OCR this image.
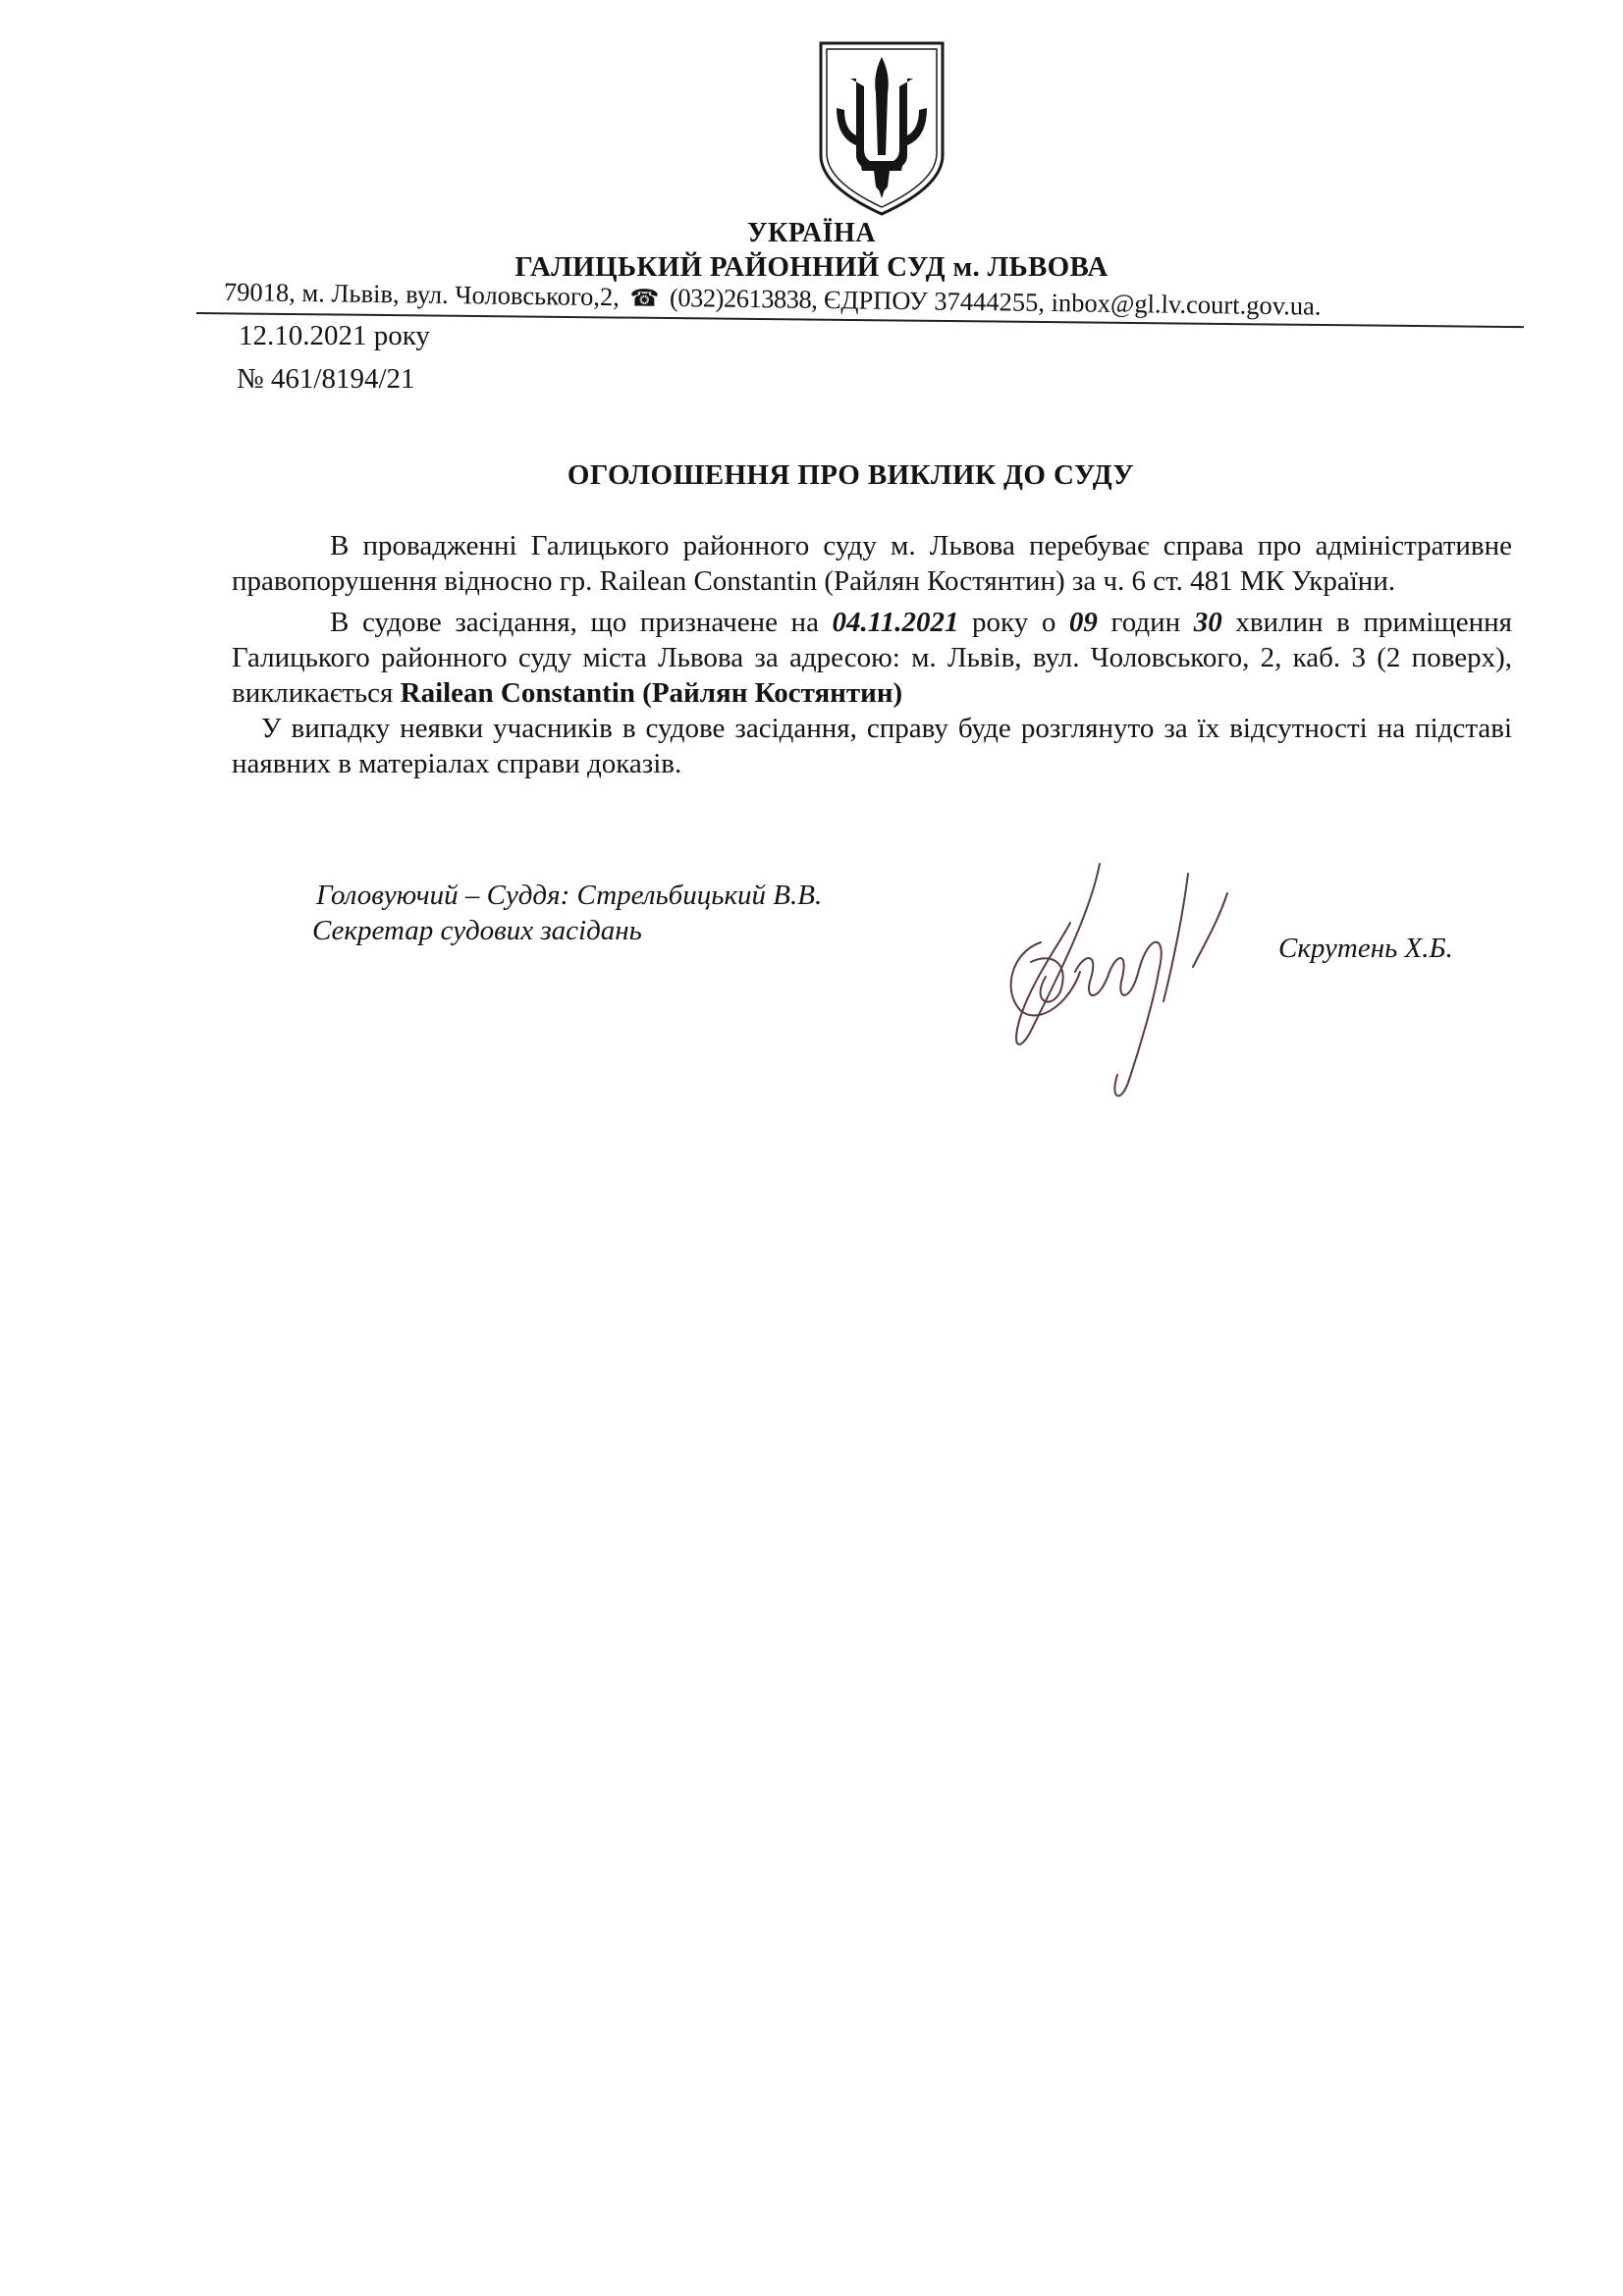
УКРАЇНА
ГАЛИЦЬКИЙ РАЙОННИЙ СУД м. ЛЬВОВА
79018, м. Львів, вул. Чоловського,2, ☎ (032)2613838, ЄДРПОУ 37444255, inbox@gl.lv.court.gov.ua.
12.10.2021 року
№ 461/8194/21
ОГОЛОШЕННЯ ПРО ВИКЛИК ДО СУДУ

В провадженні Галицького районного суду м. Львова перебуває справа про адміністративне правопорушення відносно гр. Railean Constantin (Райлян Костянтин) за ч. 6 ст. 481 МК України.

В судове засідання, що призначене на 04.11.2021 року о 09 годин 30 хвилин в приміщення Галицького районного суду міста Львова за адресою: м. Львів, вул. Чоловського, 2, каб. 3 (2 поверх), викликається Railean Constantin (Райлян Костянтин)

У випадку неявки учасників в судове засідання, справу буде розглянуто за їх відсутності на підставі наявних в матеріалах справи доказів.

Головуючий – Суддя: Стрельбицький В.В.
Секретар судових засідань
Скрутень Х.Б.
